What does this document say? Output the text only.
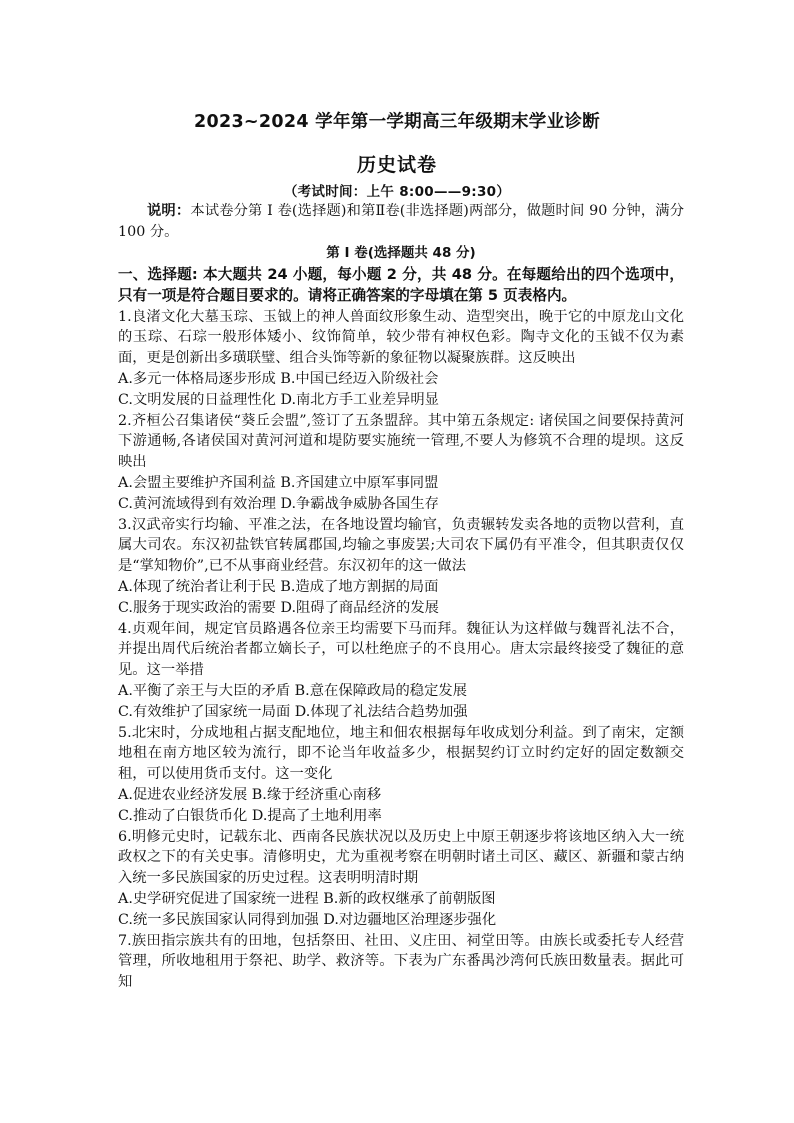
2023~2024 学年第一学期高三年级期末学业诊断
历史试卷
（考试时间：上午 8:00——9:30）

说明：本试卷分第 I 卷(选择题)和第Ⅱ卷(非选择题)两部分，做题时间 90 分钟，满分 100 分。

第 I 卷(选择题共 48 分)

一、选择题: 本大题共 24 小题，每小题 2 分，共 48 分。在每题给出的四个选项中，只有一项是符合题目要求的。请将正确答案的字母填在第 5 页表格内。

1.良渚文化大墓玉琮、玉钺上的神人兽面纹形象生动、造型突出，晚于它的中原龙山文化的玉琮、石琮一般形体矮小、纹饰简单，较少带有神权色彩。陶寺文化的玉钺不仅为素面，更是创新出多璜联璧、组合头饰等新的象征物以凝聚族群。这反映出

A.多元一体格局逐步形成 B.中国已经迈入阶级社会

C.文明发展的日益理性化 D.南北方手工业差异明显

2.齐桓公召集诸侯“葵丘会盟”,签订了五条盟辞。其中第五条规定: 诸侯国之间要保持黄河下游通畅,各诸侯国对黄河河道和堤防要实施统一管理,不要人为修筑不合理的堤坝。这反映出

A.会盟主要维护齐国利益 B.齐国建立中原军事同盟

C.黄河流域得到有效治理 D.争霸战争威胁各国生存

3.汉武帝实行均输、平准之法，在各地设置均输官，负责辗转发卖各地的贡物以营利，直属大司农。东汉初盐铁官转属郡国,均输之事废罢;大司农下属仍有平准令，但其职责仅仅是“掌知物价”,已不从事商业经营。东汉初年的这一做法

A.体现了统治者让利于民 B.造成了地方割据的局面

C.服务于现实政治的需要 D.阻碍了商品经济的发展

4.贞观年间，规定官员路遇各位亲王均需要下马而拜。魏征认为这样做与魏晋礼法不合，并提出周代后统治者都立嫡长子，可以杜绝庶子的不良用心。唐太宗最终接受了魏征的意见。这一举措

A.平衡了亲王与大臣的矛盾 B.意在保障政局的稳定发展

C.有效维护了国家统一局面 D.体现了礼法结合趋势加强

5.北宋时，分成地租占据支配地位，地主和佃农根据每年收成划分利益。到了南宋，定额地租在南方地区较为流行，即不论当年收益多少，根据契约订立时约定好的固定数额交租，可以使用货币支付。这一变化

A.促进农业经济发展 B.缘于经济重心南移

C.推动了白银货币化 D.提高了土地利用率

6.明修元史时，记载东北、西南各民族状况以及历史上中原王朝逐步将该地区纳入大一统政权之下的有关史事。清修明史，尤为重视考察在明朝时诸土司区、藏区、新疆和蒙古纳入统一多民族国家的历史过程。这表明明清时期

A.史学研究促进了国家统一进程 B.新的政权继承了前朝版图

C.统一多民族国家认同得到加强 D.对边疆地区治理逐步强化

7.族田指宗族共有的田地，包括祭田、社田、义庄田、祠堂田等。由族长或委托专人经营管理，所收地租用于祭祀、助学、救济等。下表为广东番禺沙湾何氏族田数量表。据此可知
